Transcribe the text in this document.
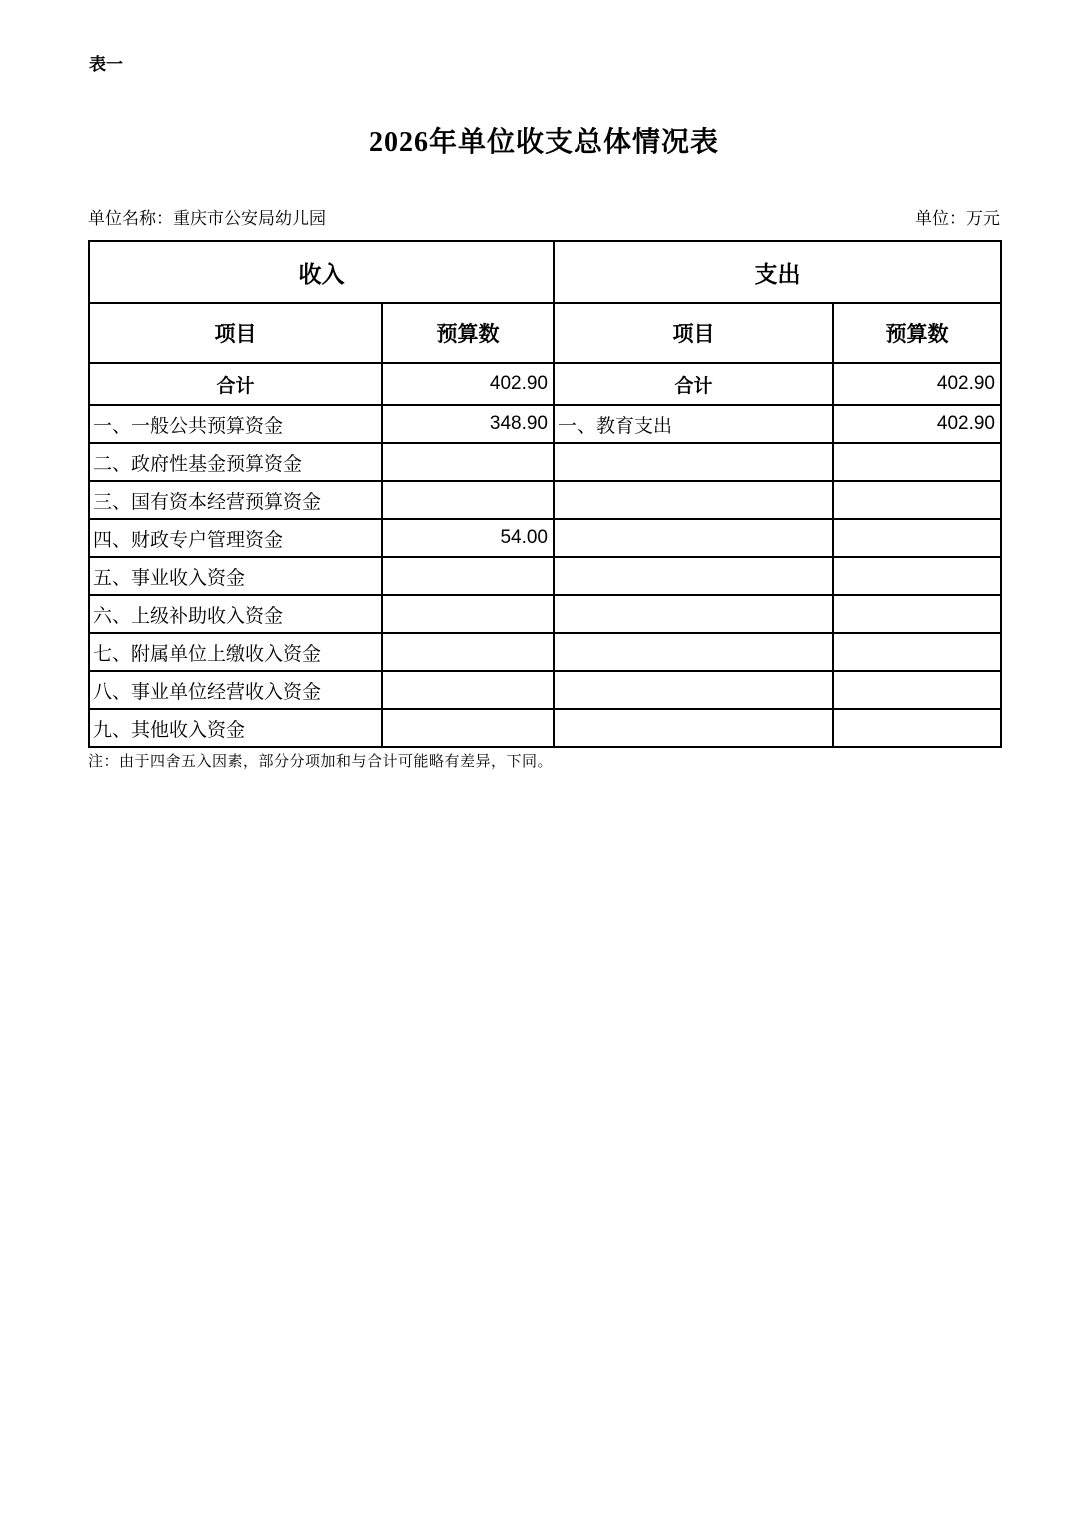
表一
2026年单位收支总体情况表
单位名称：重庆市公安局幼儿园	单位：万元
收入		支出	
项目	预算数	项目	预算数
合计	402.90	合计	402.90
一、一般公共预算资金	348.90	一、教育支出	402.90
二、政府性基金预算资金			
三、国有资本经营预算资金			
四、财政专户管理资金	54.00		
五、事业收入资金			
六、上级补助收入资金			
七、附属单位上缴收入资金			
八、事业单位经营收入资金			
九、其他收入资金			
注：由于四舍五入因素，部分分项加和与合计可能略有差异，下同。
